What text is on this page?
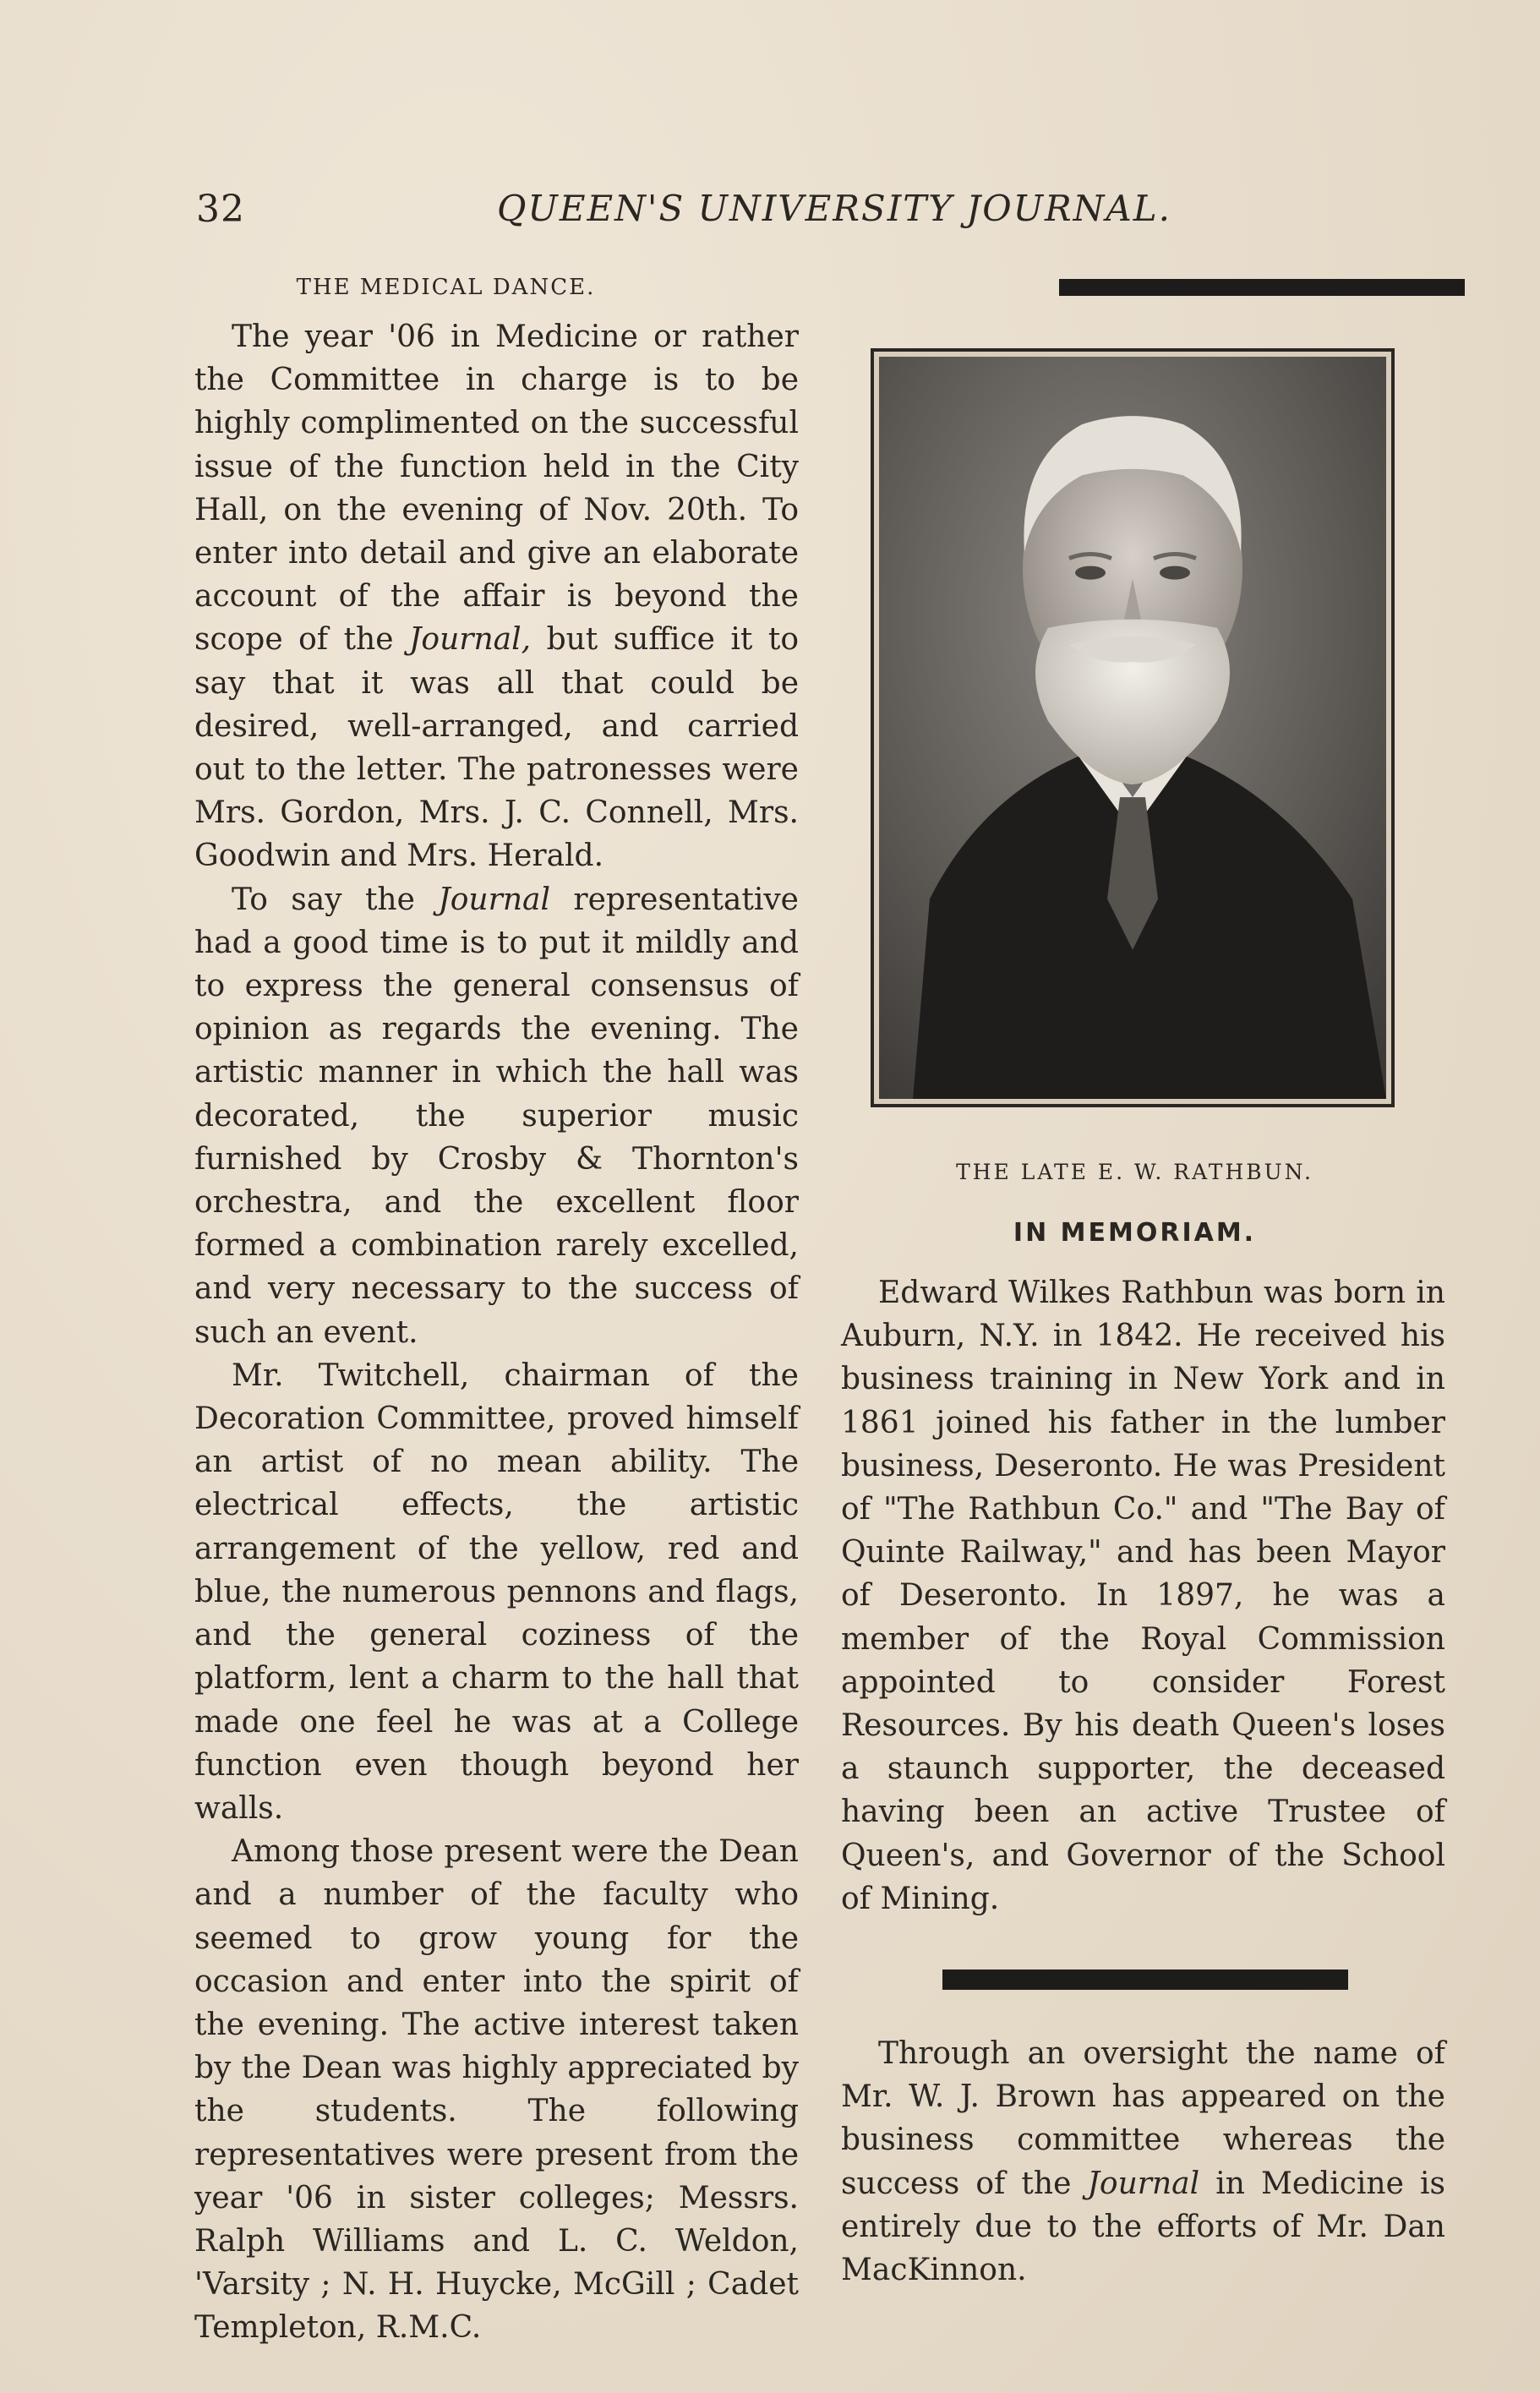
32	QUEEN'S UNIVERSITY JOURNAL.
THE MEDICAL DANCE.

The year '06 in Medicine or rather the Committee in charge is to be highly complimented on the successful issue of the function held in the City Hall, on the evening of Nov. 20th. To enter into detail and give an elaborate account of the affair is beyond the scope of the Journal, but suffice it to say that it was all that could be desired, well-arranged, and carried out to the letter. The patronesses were Mrs. Gordon, Mrs. J. C. Connell, Mrs. Goodwin and Mrs. Herald.

To say the Journal representative had a good time is to put it mildly and to express the general consensus of opinion as regards the evening. The artistic manner in which the hall was decorated, the superior music furnished by Crosby & Thornton's orchestra, and the excellent floor formed a combination rarely excelled, and very necessary to the success of such an event.

Mr. Twitchell, chairman of the Decoration Committee, proved himself an artist of no mean ability. The electrical effects, the artistic arrangement of the yellow, red and blue, the numerous pennons and flags, and the general coziness of the platform, lent a charm to the hall that made one feel he was at a College function even though beyond her walls.

Among those present were the Dean and a number of the faculty who seemed to grow young for the occasion and enter into the spirit of the evening. The active interest taken by the Dean was highly appreciated by the students. The following representatives were present from the year '06 in sister colleges; Messrs. Ralph Williams and L. C. Weldon, 'Varsity ; N. H. Huycke, McGill ; Cadet Templeton, R.M.C.

THE LATE E. W. RATHBUN.
IN MEMORIAM.

Edward Wilkes Rathbun was born in Auburn, N.Y. in 1842. He received his business training in New York and in 1861 joined his father in the lumber business, Deseronto. He was President of "The Rathbun Co." and "The Bay of Quinte Railway," and has been Mayor of Deseronto. In 1897, he was a member of the Royal Commission appointed to consider Forest Resources. By his death Queen's loses a staunch supporter, the deceased having been an active Trustee of Queen's, and Governor of the School of Mining.

Through an oversight the name of Mr. W. J. Brown has appeared on the business committee whereas the success of the Journal in Medicine is entirely due to the efforts of Mr. Dan MacKinnon.
